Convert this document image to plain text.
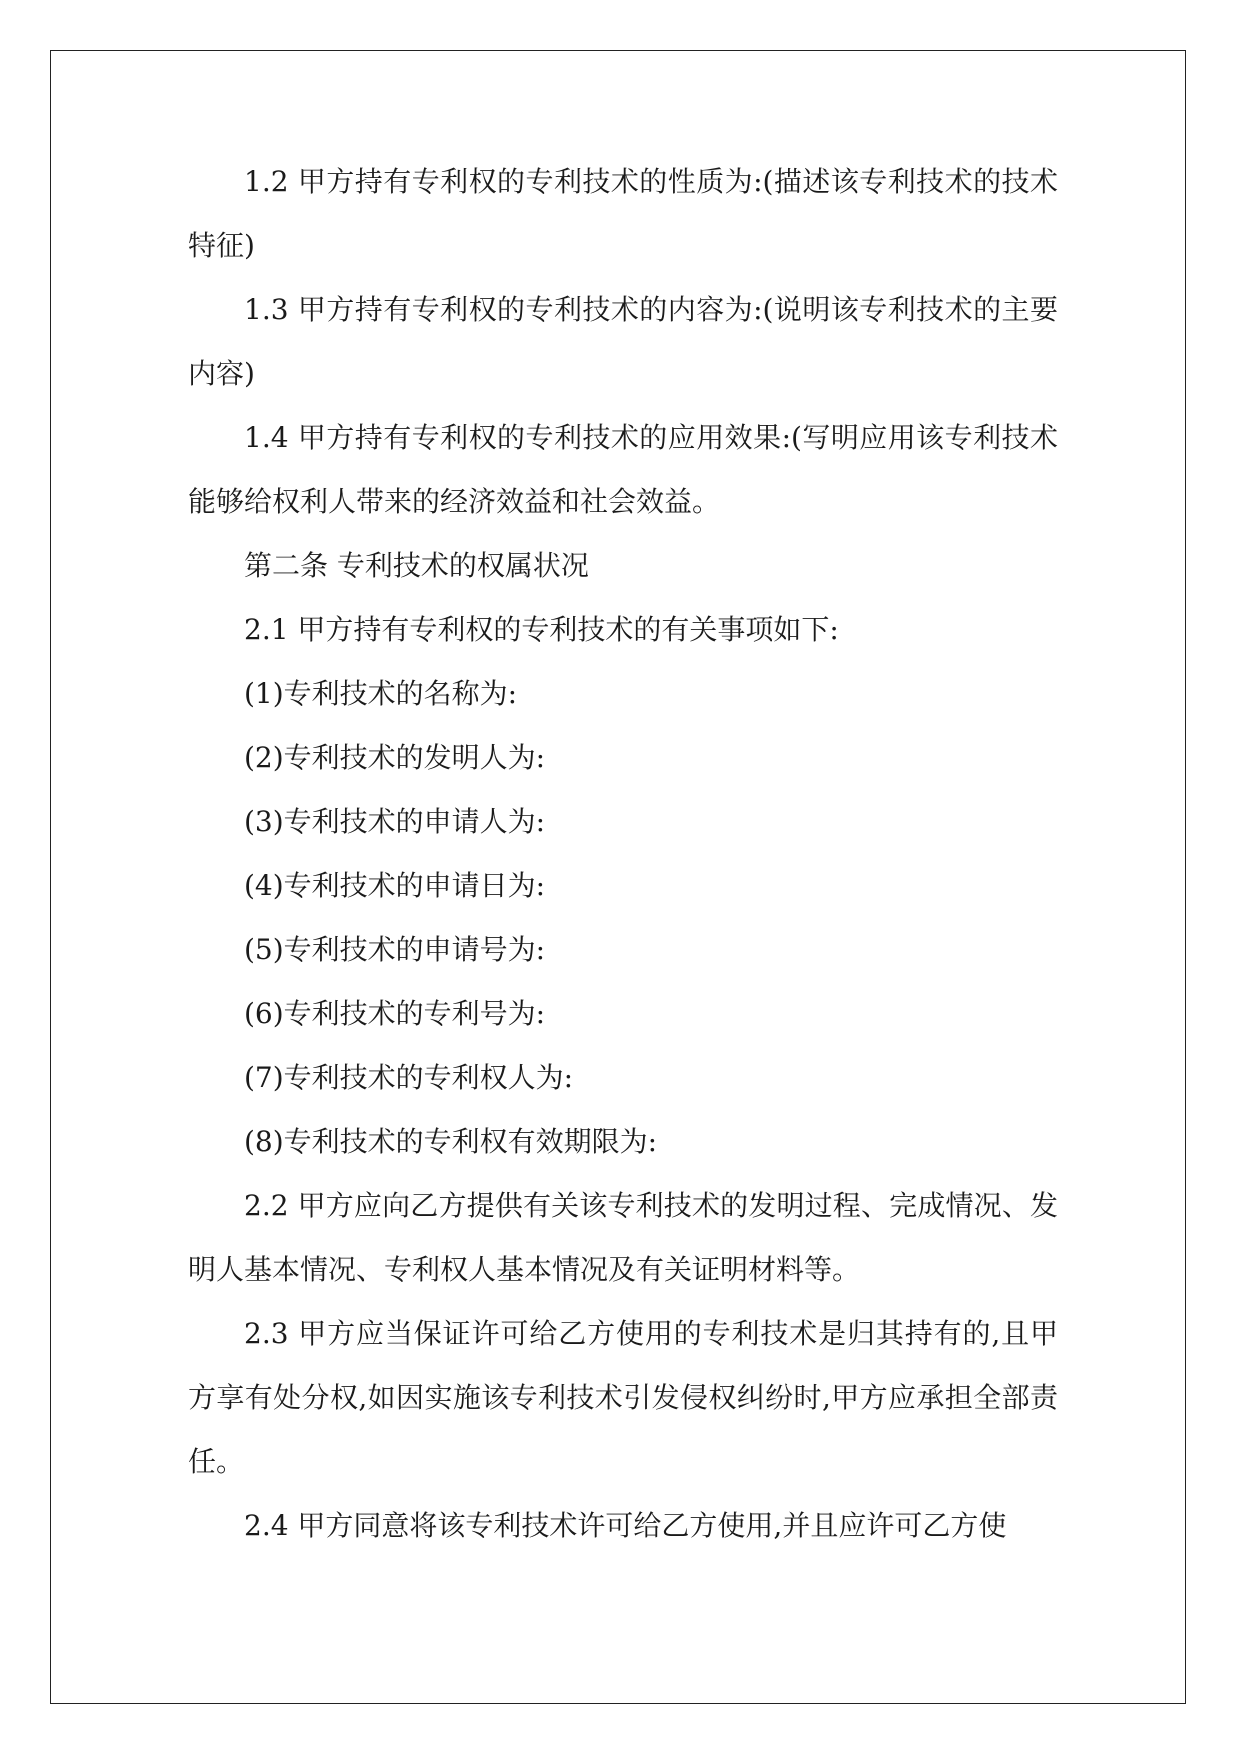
1.2 甲方持有专利权的专利技术的性质为:(描述该专利技术的技术特征)

1.3 甲方持有专利权的专利技术的内容为:(说明该专利技术的主要内容)

1.4 甲方持有专利权的专利技术的应用效果:(写明应用该专利技术能够给权利人带来的经济效益和社会效益。

第二条 专利技术的权属状况

2.1 甲方持有专利权的专利技术的有关事项如下:

(1)专利技术的名称为:

(2)专利技术的发明人为:

(3)专利技术的申请人为:

(4)专利技术的申请日为:

(5)专利技术的申请号为:

(6)专利技术的专利号为:

(7)专利技术的专利权人为:

(8)专利技术的专利权有效期限为:

2.2 甲方应向乙方提供有关该专利技术的发明过程、完成情况、发明人基本情况、专利权人基本情况及有关证明材料等。

2.3 甲方应当保证许可给乙方使用的专利技术是归其持有的,且甲方享有处分权,如因实施该专利技术引发侵权纠纷时,甲方应承担全部责任。

2.4 甲方同意将该专利技术许可给乙方使用,并且应许可乙方使
